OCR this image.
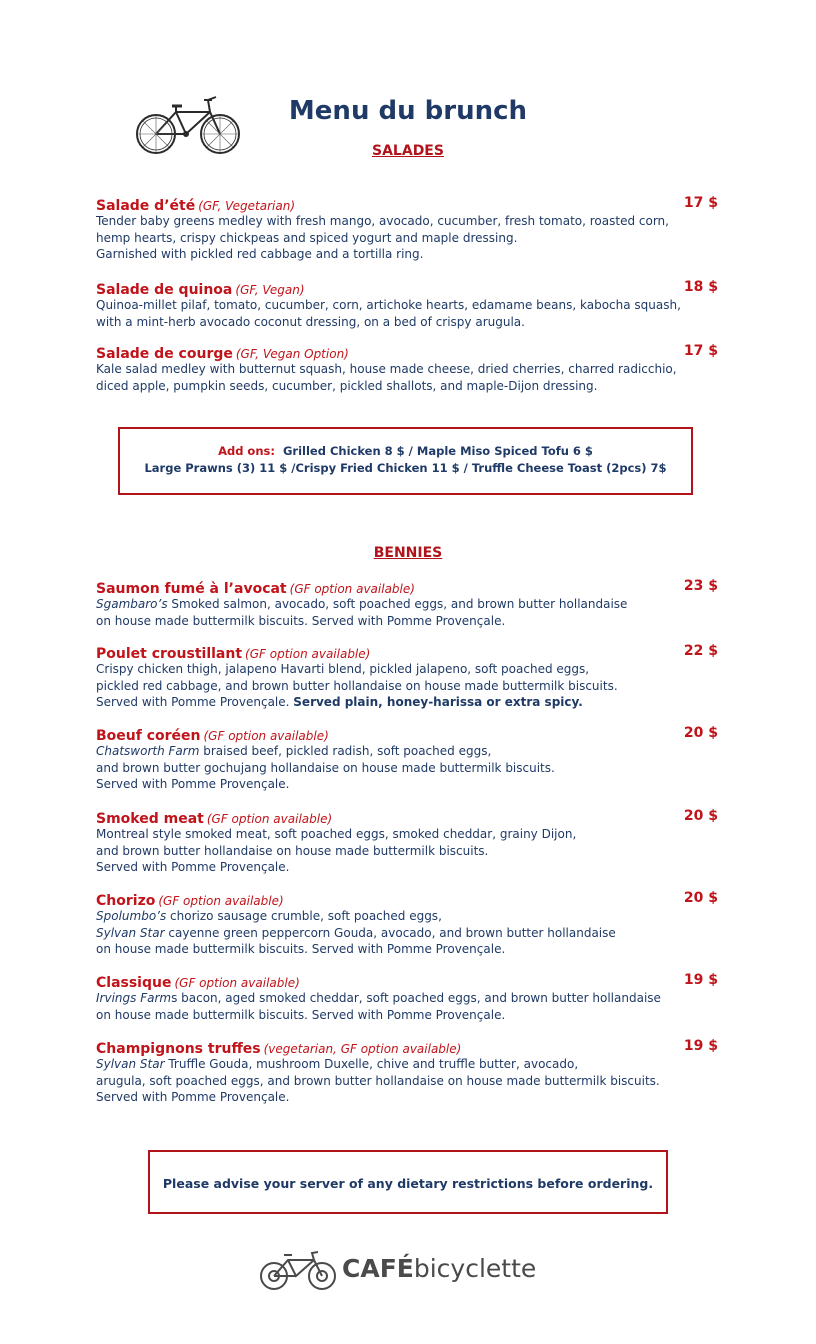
Menu du brunch
SALADES
Salade d’été (GF, Vegetarian)	17 $
Tender baby greens medley with fresh mango, avocado, cucumber, fresh tomato, roasted corn,
hemp hearts, crispy chickpeas and spiced yogurt and maple dressing.
Garnished with pickled red cabbage and a tortilla ring.
Salade de quinoa (GF, Vegan)	18 $
Quinoa-millet pilaf, tomato, cucumber, corn, artichoke hearts, edamame beans, kabocha squash,
with a mint-herb avocado coconut dressing, on a bed of crispy arugula.
Salade de courge (GF, Vegan Option)	17 $
Kale salad medley with butternut squash, house made cheese, dried cherries, charred radicchio,
diced apple, pumpkin seeds, cucumber, pickled shallots, and maple-Dijon dressing.
Add ons: Grilled Chicken 8 $ / Maple Miso Spiced Tofu 6 $
Large Prawns (3) 11 $ /Crispy Fried Chicken 11 $ / Truffle Cheese Toast (2pcs) 7$
BENNIES
Saumon fumé à l’avocat (GF option available)	23 $
Sgambaro’s Smoked salmon, avocado, soft poached eggs, and brown butter hollandaise
on house made buttermilk biscuits. Served with Pomme Provençale.
Poulet croustillant (GF option available)	22 $
Crispy chicken thigh, jalapeno Havarti blend, pickled jalapeno, soft poached eggs,
pickled red cabbage, and brown butter hollandaise on house made buttermilk biscuits.
Served with Pomme Provençale. Served plain, honey-harissa or extra spicy.
Boeuf coréen (GF option available)	20 $
Chatsworth Farm braised beef, pickled radish, soft poached eggs,
and brown butter gochujang hollandaise on house made buttermilk biscuits.
Served with Pomme Provençale.
Smoked meat (GF option available)	20 $
Montreal style smoked meat, soft poached eggs, smoked cheddar, grainy Dijon,
and brown butter hollandaise on house made buttermilk biscuits.
Served with Pomme Provençale.
Chorizo (GF option available)	20 $
Spolumbo’s chorizo sausage crumble, soft poached eggs,
Sylvan Star cayenne green peppercorn Gouda, avocado, and brown butter hollandaise
on house made buttermilk biscuits. Served with Pomme Provençale.
Classique (GF option available)	19 $
Irvings Farms bacon, aged smoked cheddar, soft poached eggs, and brown butter hollandaise
on house made buttermilk biscuits. Served with Pomme Provençale.
Champignons truffes (vegetarian, GF option available)	19 $
Sylvan Star Truffle Gouda, mushroom Duxelle, chive and truffle butter, avocado,
arugula, soft poached eggs, and brown butter hollandaise on house made buttermilk biscuits.
Served with Pomme Provençale.
Please advise your server of any dietary restrictions before ordering.
CAFÉbicyclette
